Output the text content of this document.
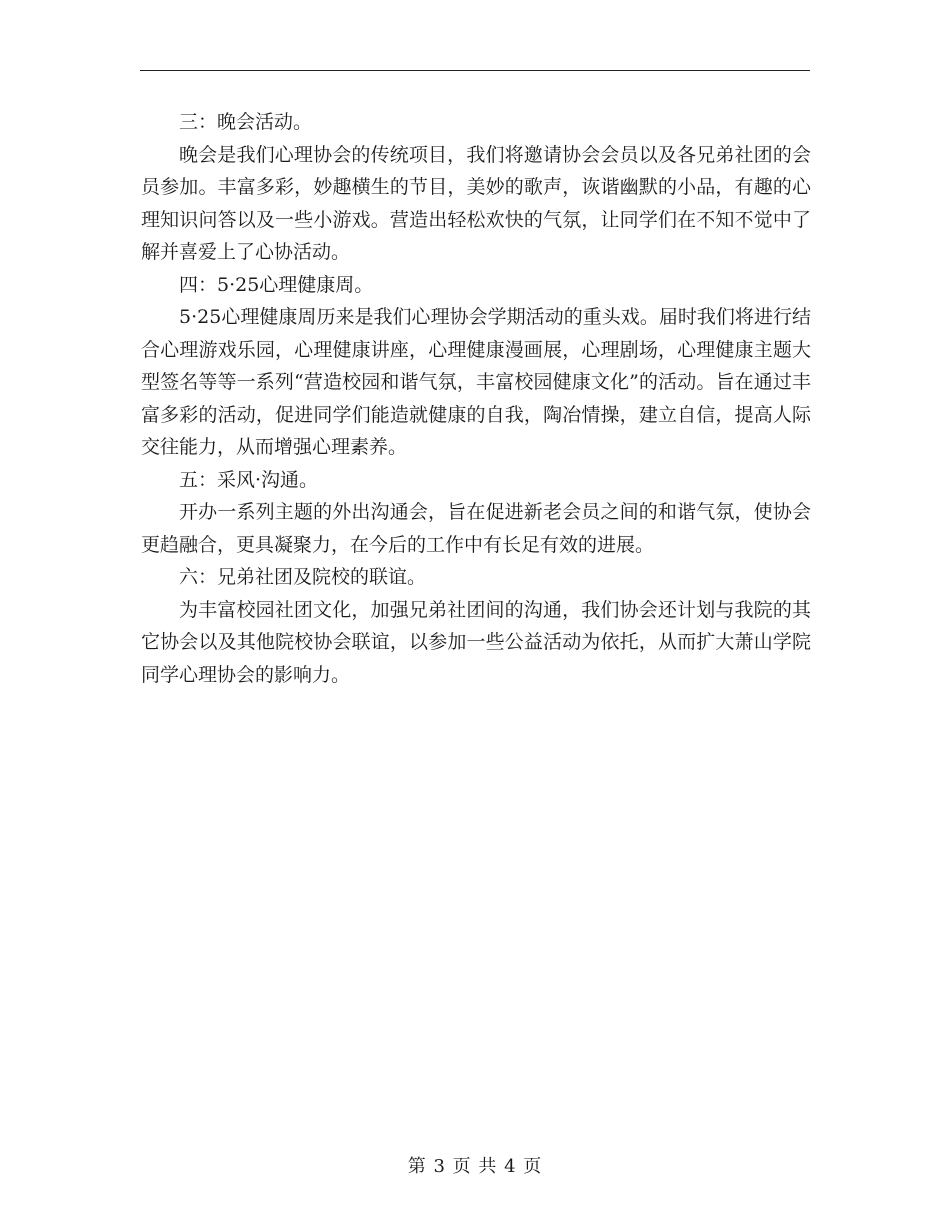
三：晚会活动。

晚会是我们心理协会的传统项目，我们将邀请协会会员以及各兄弟社团的会员参加。丰富多彩，妙趣横生的节目，美妙的歌声，诙谐幽默的小品，有趣的心理知识问答以及一些小游戏。营造出轻松欢快的气氛，让同学们在不知不觉中了解并喜爱上了心协活动。

四：5·25心理健康周。

5·25心理健康周历来是我们心理协会学期活动的重头戏。届时我们将进行结合心理游戏乐园，心理健康讲座，心理健康漫画展，心理剧场，心理健康主题大型签名等等一系列“营造校园和谐气氛，丰富校园健康文化”的活动。旨在通过丰富多彩的活动，促进同学们能造就健康的自我，陶冶情操，建立自信，提高人际交往能力，从而增强心理素养。

五：采风·沟通。

开办一系列主题的外出沟通会，旨在促进新老会员之间的和谐气氛，使协会更趋融合，更具凝聚力，在今后的工作中有长足有效的进展。

六：兄弟社团及院校的联谊。

为丰富校园社团文化，加强兄弟社团间的沟通，我们协会还计划与我院的其它协会以及其他院校协会联谊，以参加一些公益活动为依托，从而扩大萧山学院同学心理协会的影响力。

第 3 页 共 4 页
